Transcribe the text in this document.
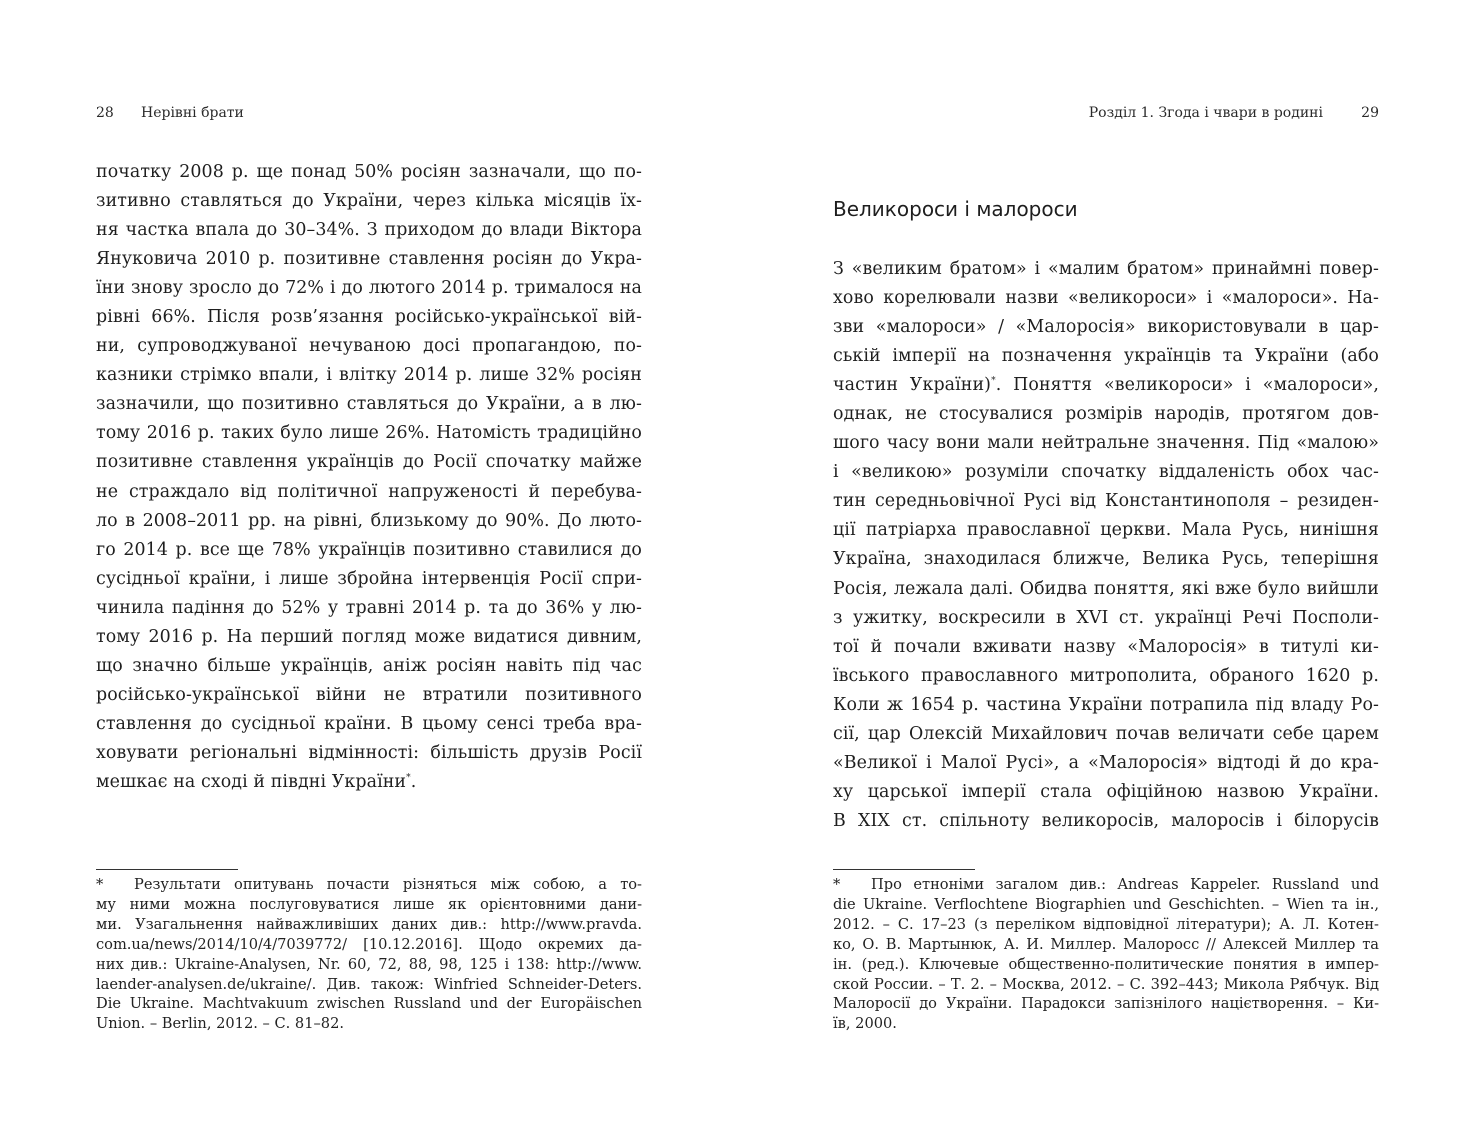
28 Нерівні брати
початку 2008 р. ще понад 50% росіян зазначали, що по-
зитивно ставляться до України, через кілька місяців їх-
ня частка впала до 30–34%. З приходом до влади Віктора
Януковича 2010 р. позитивне ставлення росіян до Укра-
їни знову зросло до 72% і до лютого 2014 р. трималося на
рівні 66%. Після розв’язання російсько-української вій-
ни, супроводжуваної нечуваною досі пропагандою, по-
казники стрімко впали, і влітку 2014 р. лише 32% росіян
зазначили, що позитивно ставляться до України, а в лю-
тому 2016 р. таких було лише 26%. Натомість традиційно
позитивне ставлення українців до Росії спочатку майже
не страждало від політичної напруженості й перебува-
ло в 2008–2011 рр. на рівні, близькому до 90%. До люто-
го 2014 р. все ще 78% українців позитивно ставилися до
сусідньої країни, і лише збройна інтервенція Росії спри-
чинила падіння до 52% у травні 2014 р. та до 36% у лю-
тому 2016 р. На перший погляд може видатися дивним,
що значно більше українців, аніж росіян навіть під час
російсько-української війни не втратили позитивного
ставлення до сусідньої країни. В цьому сенсі треба вра-
ховувати регіональні відмінності: більшість друзів Росії
мешкає на сході й півдні України*.
* Результати опитувань почасти різняться між собою, а то-
му ними можна послуговуватися лише як орієнтовними дани-
ми. Узагальнення найважливіших даних див.: http://www.pravda.
com.ua/news/2014/10/4/7039772/ [10.12.2016]. Щодо окремих да-
них див.: Ukraine-Analysen, Nr. 60, 72, 88, 98, 125 і 138: http://www.
laender-analysen.de/ukraine/. Див. також: Winfried Schneider-Deters.
Die Ukraine. Machtvakuum zwischen Russland und der Europäischen
Union. – Berlin, 2012. – С. 81–82.
Розділ 1. Згода і чвари в родині	29
Великороси і малороси
З «великим братом» і «малим братом» принаймні повер-
хово корелювали назви «великороси» і «малороси». На-
зви «малороси» / «Малоросія» використовували в цар-
ській імперії на позначення українців та України (або
частин України)*. Поняття «великороси» і «малороси»,
однак, не стосувалися розмірів народів, протягом дов-
шого часу вони мали нейтральне значення. Під «малою»
і «великою» розуміли спочатку віддаленість обох час-
тин середньовічної Русі від Константинополя – резиден-
ції патріарха православної церкви. Мала Русь, нинішня
Україна, знаходилася ближче, Велика Русь, теперішня
Росія, лежала далі. Обидва поняття, які вже було вийшли
з ужитку, воскресили в XVI ст. українці Речі Посполи-
тої й почали вживати назву «Малоросія» в титулі ки-
ївського православного митрополита, обраного 1620 р.
Коли ж 1654 р. частина України потрапила під владу Ро-
сії, цар Олексій Михайлович почав величати себе царем
«Великої і Малої Русі», а «Малоросія» відтоді й до кра-
ху царської імперії стала офіційною назвою України.
В XIX ст. спільноту великоросів, малоросів і білорусів
* Про етноніми загалом див.: Andreas Kappeler. Russland und
die Ukraine. Verflochtene Biographien und Geschichten. – Wien та ін.,
2012. – С. 17–23 (з переліком відповідної літератури); А. Л. Котен-
ко, О. В. Мартынюк, А. И. Миллер. Малоросс // Алексей Миллер та
ін. (ред.). Ключевые общественно-политические понятия в импер-
ской России. – Т. 2. – Москва, 2012. – С. 392–443; Микола Рябчук. Від
Малоросії до України. Парадокси запізнілого націєтворення. – Ки-
їв, 2000.
